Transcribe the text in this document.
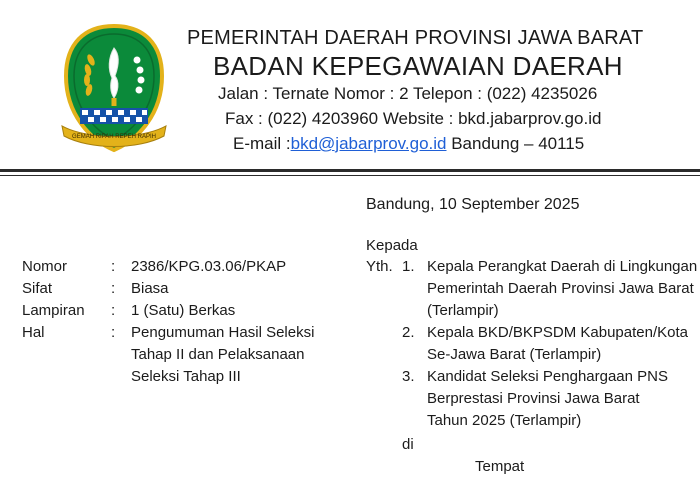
GEMAH RIPAH REPEH RAPIH
PEMERINTAH DAERAH PROVINSI JAWA BARAT
BADAN KEPEGAWAIAN DAERAH
Jalan : Ternate Nomor : 2 Telepon : (022) 4235026
Fax : (022) 4203960 Website : bkd.jabarprov.go.id
E-mail :bkd@jabarprov.go.id Bandung – 40115
Bandung, 10 September 2025
Nomor	: 2386/KPG.03.06/PKAP
Sifat	: Biasa
Lampiran : 1 (Satu) Berkas
Hal	: Pengumuman Hasil Seleksi
Tahap II dan Pelaksanaan
Seleksi Tahap III
Kepada
Yth. 1. Kepala Perangkat Daerah di Lingkungan
Pemerintah Daerah Provinsi Jawa Barat
(Terlampir)
2. Kepala BKD/BKPSDM Kabupaten/Kota
Se-Jawa Barat (Terlampir)
3. Kandidat Seleksi Penghargaan PNS
Berprestasi Provinsi Jawa Barat
Tahun 2025 (Terlampir)
di
Tempat
